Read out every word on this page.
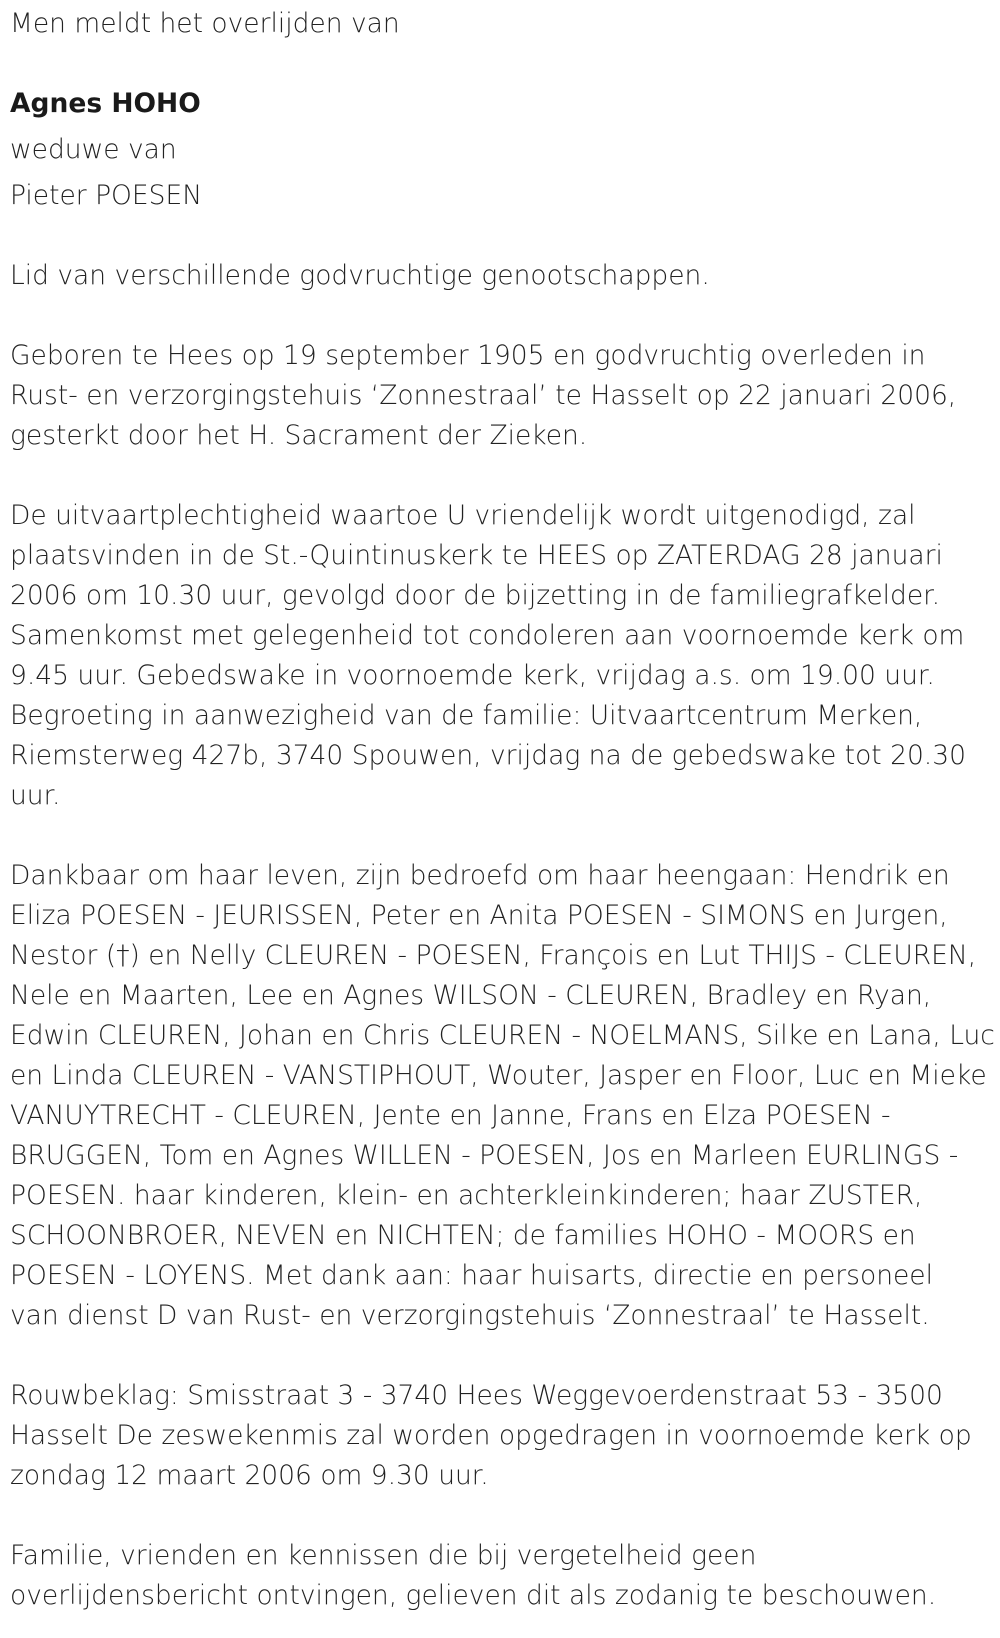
Men meldt het overlijden van

Agnes HOHO

weduwe van

Pieter POESEN

Lid van verschillende godvruchtige genootschappen.

Geboren te Hees op 19 september 1905 en godvruchtig overleden in

Rust- en verzorgingstehuis ‘Zonnestraal’ te Hasselt op 22 januari 2006,

gesterkt door het H. Sacrament der Zieken.

De uitvaartplechtigheid waartoe U vriendelijk wordt uitgenodigd, zal

plaatsvinden in de St.-Quintinuskerk te HEES op ZATERDAG 28 januari

2006 om 10.30 uur, gevolgd door de bijzetting in de familiegrafkelder.

Samenkomst met gelegenheid tot condoleren aan voornoemde kerk om

9.45 uur. Gebedswake in voornoemde kerk, vrijdag a.s. om 19.00 uur.

Begroeting in aanwezigheid van de familie: Uitvaartcentrum Merken,

Riemsterweg 427b, 3740 Spouwen, vrijdag na de gebedswake tot 20.30

uur.

Dankbaar om haar leven, zijn bedroefd om haar heengaan: Hendrik en

Eliza POESEN - JEURISSEN, Peter en Anita POESEN - SIMONS en Jurgen,

Nestor (†) en Nelly CLEUREN - POESEN, François en Lut THIJS - CLEUREN,

Nele en Maarten, Lee en Agnes WILSON - CLEUREN, Bradley en Ryan,

Edwin CLEUREN, Johan en Chris CLEUREN - NOELMANS, Silke en Lana, Luc

en Linda CLEUREN - VANSTIPHOUT, Wouter, Jasper en Floor, Luc en Mieke

VANUYTRECHT - CLEUREN, Jente en Janne, Frans en Elza POESEN -

BRUGGEN, Tom en Agnes WILLEN - POESEN, Jos en Marleen EURLINGS -

POESEN. haar kinderen, klein- en achterkleinkinderen; haar ZUSTER,

SCHOONBROER, NEVEN en NICHTEN; de families HOHO - MOORS en

POESEN - LOYENS. Met dank aan: haar huisarts, directie en personeel

van dienst D van Rust- en verzorgingstehuis ‘Zonnestraal’ te Hasselt.

Rouwbeklag: Smisstraat 3 - 3740 Hees Weggevoerdenstraat 53 - 3500

Hasselt De zeswekenmis zal worden opgedragen in voornoemde kerk op

zondag 12 maart 2006 om 9.30 uur.

Familie, vrienden en kennissen die bij vergetelheid geen

overlijdensbericht ontvingen, gelieven dit als zodanig te beschouwen.
